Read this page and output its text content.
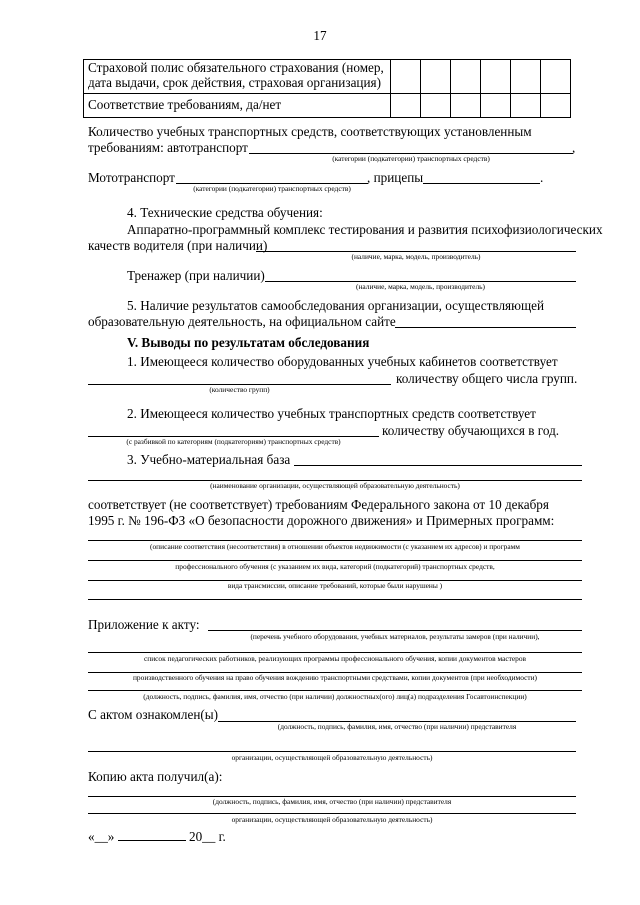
17
Страховой полис обязательного страхования (номер,
дата выдачи, срок действия, страховая организация)						

Соответствие требованиям, да/нет						
Количество учебных транспортных средств, соответствующих установленным
требованиям: автотранспорт	,
(категории (подкатегории) транспортных средств)
Мототранспорт	, прицепы	.
(категории (подкатегории) транспортных средств)
4. Технические средства обучения:
Аппаратно-программный комплекс тестирования и развития психофизиологических
качеств водителя (при наличии)
(наличие, марка, модель, производитель)
Тренажер (при наличии)
(наличие, марка, модель, производитель)
5. Наличие результатов самообследования организации, осуществляющей
образовательную деятельность, на официальном сайте
V. Выводы по результатам обследования
1. Имеющееся количество оборудованных учебных кабинетов соответствует
количеству общего числа групп.
(количество групп)
2. Имеющееся количество учебных транспортных средств соответствует
количеству обучающихся в год.
(с разбивкой по категориям (подкатегориям) транспортных средств)
3. Учебно-материальная база
(наименование организации, осуществляющей образовательную деятельность)
соответствует (не соответствует) требованиям Федерального закона от 10 декабря
1995 г. № 196-ФЗ «О безопасности дорожного движения» и Примерных программ:
(описание соответствия (несоответствия) в отношении объектов недвижимости (с указанием их адресов) и программ
профессионального обучения (с указанием их вида, категорий (подкатегорий) транспортных средств,
вида трансмиссии, описание требований, которые были нарушены )
Приложение к акту:
(перечень учебного оборудования, учебных материалов, результаты замеров (при наличии),
список педагогических работников, реализующих программы профессионального обучения, копии документов мастеров
производственного обучения на право обучения вождению транспортными средствами, копии документов (при необходимости)
(должность, подпись, фамилия, имя, отчество (при наличии) должностных(ого) лиц(а) подразделения Госавтоинспекции)
С актом ознакомлен(ы)
(должность, подпись, фамилия, имя, отчество (при наличии) представителя
организации, осуществляющей образовательную деятельность)
Копию акта получил(а):
(должность, подпись, фамилия, имя, отчество (при наличии) представителя
организации, осуществляющей образовательную деятельность)
«__»	20__ г.
